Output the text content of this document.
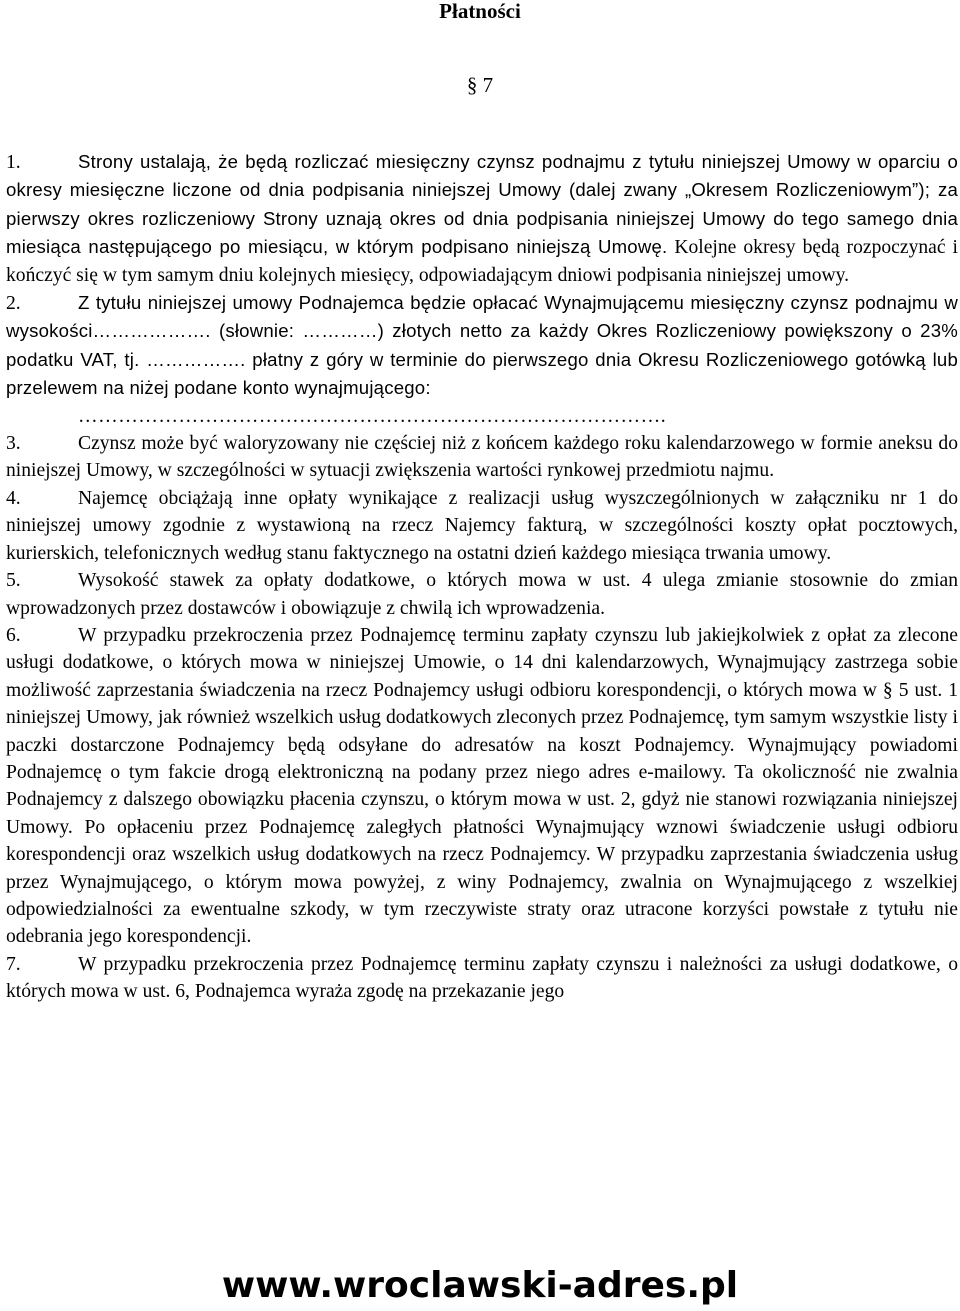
Płatności
§ 7

1.	Strony ustalają, że będą rozliczać miesięczny czynsz podnajmu z tytułu niniejszej Umowy w oparciu o okresy miesięczne liczone od dnia podpisania niniejszej Umowy (dalej zwany „Okresem Rozliczeniowym”); za pierwszy okres rozliczeniowy Strony uznają okres od dnia podpisania niniejszej Umowy do tego samego dnia miesiąca następującego po miesiącu, w którym podpisano niniejszą Umowę. Kolejne okresy będą rozpoczynać i kończyć się w tym samym dniu kolejnych miesięcy, odpowiadającym dniowi podpisania niniejszej umowy.

2.	Z tytułu niniejszej umowy Podnajemca będzie opłacać Wynajmującemu miesięczny czynsz podnajmu w wysokości………………. (słownie: …………) złotych netto za każdy Okres Rozliczeniowy powiększony o 23% podatku VAT, tj. ……………. płatny z góry w terminie do pierwszego dnia Okresu Rozliczeniowego gotówką lub przelewem na niżej podane konto wynajmującego:

…………………………………………………………………………….

3.	Czynsz może być waloryzowany nie częściej niż z końcem każdego roku kalendarzowego w formie aneksu do niniejszej Umowy, w szczególności w sytuacji zwiększenia wartości rynkowej przedmiotu najmu.

4.	Najemcę obciążają inne opłaty wynikające z realizacji usług wyszczególnionych w załączniku nr 1 do niniejszej umowy zgodnie z wystawioną na rzecz Najemcy fakturą, w szczególności koszty opłat pocztowych, kurierskich, telefonicznych według stanu faktycznego na ostatni dzień każdego miesiąca trwania umowy.

5.	Wysokość stawek za opłaty dodatkowe, o których mowa w ust. 4 ulega zmianie stosownie do zmian wprowadzonych przez dostawców i obowiązuje z chwilą ich wprowadzenia.

6.	W przypadku przekroczenia przez Podnajemcę terminu zapłaty czynszu lub jakiejkolwiek z opłat za zlecone usługi dodatkowe, o których mowa w niniejszej Umowie, o 14 dni kalendarzowych, Wynajmujący zastrzega sobie możliwość zaprzestania świadczenia na rzecz Podnajemcy usługi odbioru korespondencji, o których mowa w § 5 ust. 1 niniejszej Umowy, jak również wszelkich usług dodatkowych zleconych przez Podnajemcę, tym samym wszystkie listy i paczki dostarczone Podnajemcy będą odsyłane do adresatów na koszt Podnajemcy. Wynajmujący powiadomi Podnajemcę o tym fakcie drogą elektroniczną na podany przez niego adres e-mailowy. Ta okoliczność nie zwalnia Podnajemcy z dalszego obowiązku płacenia czynszu, o którym mowa w ust. 2, gdyż nie stanowi rozwiązania niniejszej Umowy. Po opłaceniu przez Podnajemcę zaległych płatności Wynajmujący wznowi świadczenie usługi odbioru korespondencji oraz wszelkich usług dodatkowych na rzecz Podnajemcy. W przypadku zaprzestania świadczenia usług przez Wynajmującego, o którym mowa powyżej, z winy Podnajemcy, zwalnia on Wynajmującego z wszelkiej odpowiedzialności za ewentualne szkody, w tym rzeczywiste straty oraz utracone korzyści powstałe z tytułu nie odebrania jego korespondencji.

7.	W przypadku przekroczenia przez Podnajemcę terminu zapłaty czynszu i należności za usługi dodatkowe, o których mowa w ust. 6, Podnajemca wyraża zgodę na przekazanie jego

www.wroclawski-adres.pl
